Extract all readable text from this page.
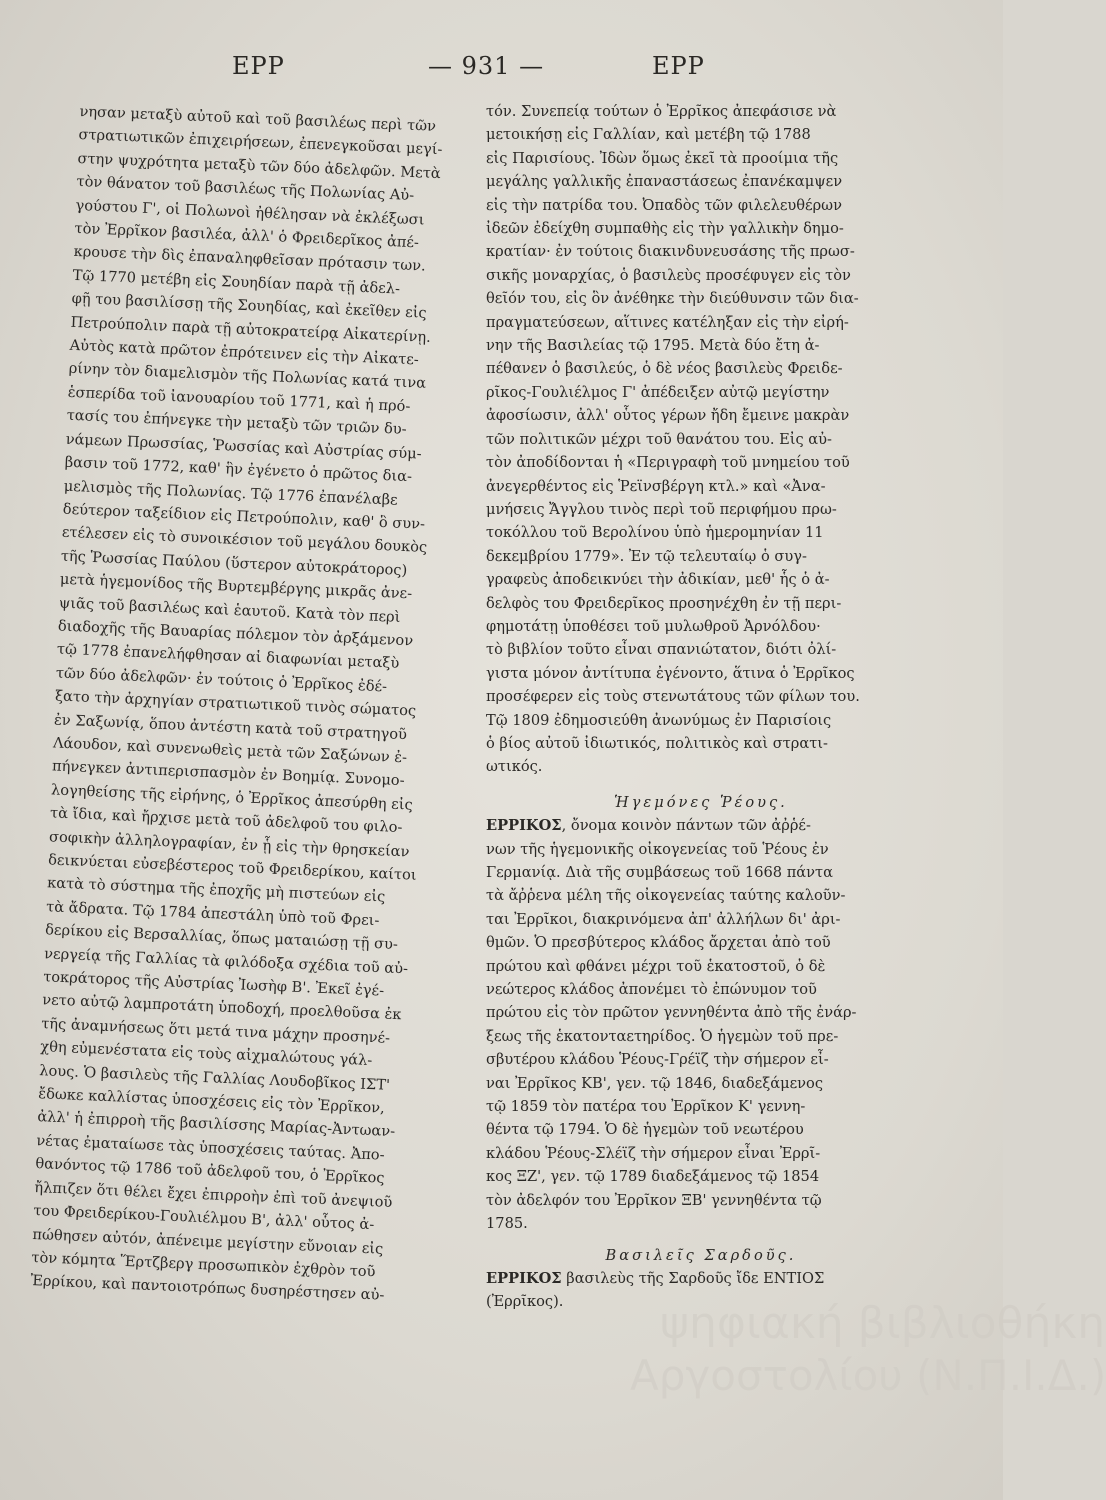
ΕΡΡ	— 931 —	ΕΡΡ

νησαν μεταξὺ αὐτοῦ καὶ τοῦ βασιλέως περὶ τῶν

στρατιωτικῶν ἐπιχειρήσεων, ἐπενεγκοῦσαι μεγί-

στην ψυχρότητα μεταξὺ τῶν δύο ἀδελφῶν. Μετὰ

τὸν θάνατον τοῦ βασιλέως τῆς Πολωνίας Αὐ-

γούστου Γ', οἱ Πολωνοὶ ἠθέλησαν νὰ ἐκλέξωσι

τὸν Ἐρρῖκον βασιλέα, ἀλλ' ὁ Φρειδερῖκος ἀπέ-

κρουσε τὴν δὶς ἐπαναληφθεῖσαν πρότασιν των.

Τῷ 1770 μετέβη εἰς Σουηδίαν παρὰ τῇ ἀδελ-

φῇ του βασιλίσσῃ τῆς Σουηδίας, καὶ ἐκεῖθεν εἰς

Πετρούπολιν παρὰ τῇ αὐτοκρατείρᾳ Αἰκατερίνῃ.

Αὐτὸς κατὰ πρῶτον ἐπρότεινεν εἰς τὴν Αἰκατε-

ρίνην τὸν διαμελισμὸν τῆς Πολωνίας κατά τινα

ἑσπερίδα τοῦ ἰανουαρίου τοῦ 1771, καὶ ἡ πρό-

τασίς του ἐπήνεγκε τὴν μεταξὺ τῶν τριῶν δυ-

νάμεων Πρωσσίας, Ῥωσσίας καὶ Αὐστρίας σύμ-

βασιν τοῦ 1772, καθ' ἣν ἐγένετο ὁ πρῶτος δια-

μελισμὸς τῆς Πολωνίας. Τῷ 1776 ἐπανέλαβε

δεύτερον ταξείδιον εἰς Πετρούπολιν, καθ' ὃ συν-

ετέλεσεν εἰς τὸ συνοικέσιον τοῦ μεγάλου δουκὸς

τῆς Ῥωσσίας Παύλου (ὕστερον αὐτοκράτορος)

μετὰ ἡγεμονίδος τῆς Βυρτεμβέργης μικρᾶς ἀνε-

ψιᾶς τοῦ βασιλέως καὶ ἑαυτοῦ. Κατὰ τὸν περὶ

διαδοχῆς τῆς Βαυαρίας πόλεμον τὸν ἀρξάμενον

τῷ 1778 ἐπανελήφθησαν αἱ διαφωνίαι μεταξὺ

τῶν δύο ἀδελφῶν· ἐν τούτοις ὁ Ἐρρῖκος ἐδέ-

ξατο τὴν ἀρχηγίαν στρατιωτικοῦ τινὸς σώματος

ἐν Σαξωνίᾳ, ὅπου ἀντέστη κατὰ τοῦ στρατηγοῦ

Λάουδον, καὶ συνενωθεὶς μετὰ τῶν Σαξώνων ἐ-

πήνεγκεν ἀντιπερισπασμὸν ἐν Βοημίᾳ. Συνομο-

λογηθείσης τῆς εἰρήνης, ὁ Ἐρρῖκος ἀπεσύρθη εἰς

τὰ ἴδια, καὶ ἤρχισε μετὰ τοῦ ἀδελφοῦ του φιλο-

σοφικὴν ἀλληλογραφίαν, ἐν ᾗ εἰς τὴν θρησκείαν

δεικνύεται εὐσεβέστερος τοῦ Φρειδερίκου, καίτοι

κατὰ τὸ σύστημα τῆς ἐποχῆς μὴ πιστεύων εἰς

τὰ ἄδρατα. Τῷ 1784 ἀπεστάλη ὑπὸ τοῦ Φρει-

δερίκου εἰς Βερσαλλίας, ὅπως ματαιώσῃ τῇ συ-

νεργείᾳ τῆς Γαλλίας τὰ φιλόδοξα σχέδια τοῦ αὐ-

τοκράτορος τῆς Αὐστρίας Ἰωσὴφ Β'. Ἐκεῖ ἐγέ-

νετο αὐτῷ λαμπροτάτη ὑποδοχή, προελθοῦσα ἐκ

τῆς ἀναμνήσεως ὅτι μετά τινα μάχην προσηνέ-

χθη εὐμενέστατα εἰς τοὺς αἰχμαλώτους γάλ-

λους. Ὁ βασιλεὺς τῆς Γαλλίας Λουδοβῖκος ΙΣΤ'

ἔδωκε καλλίστας ὑποσχέσεις εἰς τὸν Ἐρρῖκον,

ἀλλ' ἡ ἐπιρροὴ τῆς βασιλίσσης Μαρίας-Ἀντωαν-

νέτας ἐματαίωσε τὰς ὑποσχέσεις ταύτας. Ἀπο-

θανόντος τῷ 1786 τοῦ ἀδελφοῦ του, ὁ Ἐρρῖκος

ἤλπιζεν ὅτι θέλει ἔχει ἐπιρροὴν ἐπὶ τοῦ ἀνεψιοῦ

του Φρειδερίκου-Γουλιέλμου Β', ἀλλ' οὗτος ἀ-

πώθησεν αὐτόν, ἀπένειμε μεγίστην εὔνοιαν εἰς

τὸν κόμητα Ἕρτζβεργ προσωπικὸν ἐχθρὸν τοῦ

Ἐρρίκου, καὶ παντοιοτρόπως δυσηρέστησεν αὐ-

τόν. Συνεπείᾳ τούτων ὁ Ἐρρῖκος ἀπεφάσισε νὰ

μετοικήσῃ εἰς Γαλλίαν, καὶ μετέβη τῷ 1788

εἰς Παρισίους. Ἰδὼν ὅμως ἐκεῖ τὰ προοίμια τῆς

μεγάλης γαλλικῆς ἐπαναστάσεως ἐπανέκαμψεν

εἰς τὴν πατρίδα του. Ὀπαδὸς τῶν φιλελευθέρων

ἰδεῶν ἐδείχθη συμπαθὴς εἰς τὴν γαλλικὴν δημο-

κρατίαν· ἐν τούτοις διακινδυνευσάσης τῆς πρωσ-

σικῆς μοναρχίας, ὁ βασιλεὺς προσέφυγεν εἰς τὸν

θεῖόν του, εἰς ὃν ἀνέθηκε τὴν διεύθυνσιν τῶν δια-

πραγματεύσεων, αἵτινες κατέληξαν εἰς τὴν εἰρή-

νην τῆς Βασιλείας τῷ 1795. Μετὰ δύο ἔτη ἀ-

πέθανεν ὁ βασιλεύς, ὁ δὲ νέος βασιλεὺς Φρειδε-

ρῖκος-Γουλιέλμος Γ' ἀπέδειξεν αὐτῷ μεγίστην

ἀφοσίωσιν, ἀλλ' οὗτος γέρων ἤδη ἔμεινε μακρὰν

τῶν πολιτικῶν μέχρι τοῦ θανάτου του. Εἰς αὐ-

τὸν ἀποδίδονται ἡ «Περιγραφὴ τοῦ μνημείου τοῦ

ἀνεγερθέντος εἰς Ῥεϊνσβέργη κτλ.» καὶ «Ἀνα-

μνήσεις Ἄγγλου τινὸς περὶ τοῦ περιφήμου πρω-

τοκόλλου τοῦ Βερολίνου ὑπὸ ἡμερομηνίαν 11

δεκεμβρίου 1779». Ἐν τῷ τελευταίῳ ὁ συγ-

γραφεὺς ἀποδεικνύει τὴν ἀδικίαν, μεθ' ἧς ὁ ἀ-

δελφὸς του Φρειδερῖκος προσηνέχθη ἐν τῇ περι-

φημοτάτῃ ὑποθέσει τοῦ μυλωθροῦ Ἀρνόλδου·

τὸ βιβλίον τοῦτο εἶναι σπανιώτατον, διότι ὀλί-

γιστα μόνον ἀντίτυπα ἐγένοντο, ἅτινα ὁ Ἐρρῖκος

προσέφερεν εἰς τοὺς στενωτάτους τῶν φίλων του.

Τῷ 1809 ἐδημοσιεύθη ἀνωνύμως ἐν Παρισίοις

ὁ βίος αὐτοῦ ἰδιωτικός, πολιτικὸς καὶ στρατι-

ωτικός.

Ἡγεμόνες Ῥέους.

ΕΡΡΙΚΟΣ, ὄνομα κοινὸν πάντων τῶν ἀῤῥέ-

νων τῆς ἡγεμονικῆς οἰκογενείας τοῦ Ῥέους ἐν

Γερμανίᾳ. Διὰ τῆς συμβάσεως τοῦ 1668 πάντα

τὰ ἄῤῥενα μέλη τῆς οἰκογενείας ταύτης καλοῦν-

ται Ἐρρῖκοι, διακρινόμενα ἀπ' ἀλλήλων δι' ἀρι-

θμῶν. Ὁ πρεσβύτερος κλάδος ἄρχεται ἀπὸ τοῦ

πρώτου καὶ φθάνει μέχρι τοῦ ἑκατοστοῦ, ὁ δὲ

νεώτερος κλάδος ἀπονέμει τὸ ἐπώνυμον τοῦ

πρώτου εἰς τὸν πρῶτον γεννηθέντα ἀπὸ τῆς ἐνάρ-

ξεως τῆς ἑκατονταετηρίδος. Ὁ ἡγεμὼν τοῦ πρε-

σβυτέρου κλάδου Ῥέους-Γρέϊζ τὴν σήμερον εἶ-

ναι Ἐρρῖκος ΚΒ', γεν. τῷ 1846, διαδεξάμενος

τῷ 1859 τὸν πατέρα του Ἐρρῖκον Κ' γεννη-

θέντα τῷ 1794. Ὁ δὲ ἡγεμὼν τοῦ νεωτέρου

κλάδου Ῥέους-Σλέϊζ τὴν σήμερον εἶναι Ἐρρῖ-

κος ΞΖ', γεν. τῷ 1789 διαδεξάμενος τῷ 1854

τὸν ἀδελφόν του Ἐρρῖκον ΞΒ' γεννηθέντα τῷ

1785.

Βασιλεῖς Σαρδοῦς.

ΕΡΡΙΚΟΣ βασιλεὺς τῆς Σαρδοῦς ἴδε ΕΝΤΙΟΣ

(Ἐρρῖκος).	ψηφιακή βιβλιοθήκη
Αργοστολίου (Ν.Π.Ι.Δ.)
